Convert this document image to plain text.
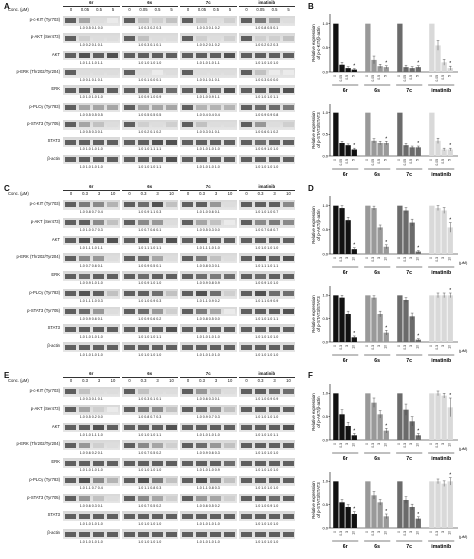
A	B
C	D
E	F
Conc. (μM)
6r
0	0.05	0.5	5
6s
0	0.05	0.5	5
7c
0	0.05	0.5	5
imatinib
0	0.05	0.5	5
p-c-KIT (Tyr703)
1.0 0.5 0.1 0.0	1.0 0.3 0.2 0.3	1.0 0.3 0.1 0.2	1.0 0.8 0.5 0.1
p-AKT (Ser473)
1.0 0.2 0.1 0.1	1.0 0.3 0.1 0.1	1.0 0.2 0.1 0.2	1.0 0.2 0.2 0.3
AKT
1.0 1.1 1.0 1.1	1.0 1.0 1.0 1.0	1.0 1.0 1.0 1.1	1.0 1.0 1.0 1.0
p-ERK (Thr202/Tyr204)
1.0 0.1 0.1 0.1	1.0 0.1 0.0 0.1	1.0 0.1 0.1 0.1	1.0 0.3 0.0 0.0
ERK
1.0 1.0 1.0 1.0	1.0 0.9 1.0 0.9	1.0 1.0 0.9 1.1	1.0 1.0 1.0 1.1
p-PLCγ (Tyr783)
1.0 0.5 0.5 0.5	1.0 0.5 0.5 0.5	1.0 0.4 0.4 0.4	1.0 0.9 0.9 0.8
p-STAT3 (Tyr705)
1.0 0.5 0.3 0.1	1.0 0.2 0.1 0.2	1.0 0.3 0.1 0.1	1.0 0.6 0.1 0.2
STAT3
1.0 1.0 1.0 1.0	1.0 1.0 1.1 1.1	1.0 1.0 1.0 1.0	1.0 0.9 1.0 1.0
β-actin
1.0 1.0 1.0 1.0	1.0 1.0 1.0 1.1	1.0 1.0 1.0 1.0	1.0 1.0 1.0 1.0
Conc. (μM)
6r
0	0.3	3	10
6s
0	0.3	3	10
7c
0	0.3	3	10
imatinib
0	0.3	3	10
p-c-KIT (Tyr703)
1.0 0.8 0.7 0.4	1.0 0.9 1.1 0.3	1.0 1.0 0.6 0.1	1.0 1.0 1.0 0.7
p-AKT (Ser473)
1.0 1.0 0.7 0.3	1.0 0.7 0.6 0.1	1.0 0.5 0.3 0.0	1.0 0.7 0.8 0.7
AKT
1.0 1.1 1.0 1.1	1.0 1.1 1.0 1.1	1.0 1.1 1.0 1.0	1.0 1.0 1.0 1.0
p-ERK (Thr202/Tyr204)
1.0 0.7 0.6 0.1	1.0 0.9 0.5 0.1	1.0 0.8 0.3 0.1	1.0 1.1 1.0 1.1
ERK
1.0 0.9 1.0 1.0	1.0 0.9 1.0 1.0	1.0 0.9 0.8 0.9	1.0 0.9 1.0 1.0
p-PLCγ (Tyr783)
1.0 1.1 1.0 0.3	1.0 1.0 0.9 0.3	1.0 1.1 0.9 0.2	1.0 1.1 0.9 0.9
p-STAT3 (Tyr705)
1.0 0.9 0.6 0.1	1.0 0.9 0.6 0.2	1.0 0.8 0.5 0.0	1.0 1.0 1.0 1.1
STAT3
1.0 1.0 1.0 1.0	1.0 1.0 1.0 1.1	1.0 1.0 1.0 1.0	1.0 1.0 1.0 1.0
β-actin
1.0 1.0 1.0 1.0	1.0 1.0 1.0 1.0	1.0 1.0 1.0 1.0	1.0 1.0 1.0 1.0
Conc. (μM)
6r
0	0.3	3	10
6s
0	0.3	3	10
7c
0	0.3	3	10
imatinib
0	0.3	3	10
p-c-KIT (Tyr703)
1.0 0.3 0.1 0.1	1.0 0.3 0.1 0.1	1.0 0.6 0.3 0.1	1.0 1.0 0.9 0.9
p-AKT (Ser473)
1.0 0.5 0.2 0.0	1.0 0.8 0.7 0.3	1.0 0.9 0.7 0.3	1.0 1.0 1.0 1.0
AKT
1.0 1.0 1.1 1.0	1.0 1.0 1.0 1.1	1.0 1.0 1.0 1.0	1.0 1.0 1.0 1.1
p-ERK (Thr202/Tyr204)
1.0 0.6 0.2 0.1	1.0 0.7 0.5 0.2	1.0 0.9 0.6 0.3	1.0 1.0 1.0 1.0
ERK
1.0 1.0 1.0 1.0	1.0 1.0 1.0 1.0	1.0 1.0 1.0 0.9	1.0 1.0 1.0 1.0
p-PLCγ (Tyr783)
1.0 1.1 0.7 0.4	1.0 1.1 0.8 0.3	1.0 1.1 0.8 0.3	1.0 1.0 1.0 1.0
p-STAT3 (Tyr705)
1.0 0.6 0.3 0.1	1.0 0.7 0.5 0.2	1.0 0.6 0.5 0.2	1.0 1.0 0.9 1.0
STAT3
1.0 1.0 1.0 1.0	1.0 1.0 1.0 1.0	1.0 1.0 1.0 1.0	1.0 1.0 1.0 1.0
β-actin
1.0 1.0 1.0 1.0	1.0 1.0 1.0 1.0	1.0 1.0 1.0 1.0	1.0 1.0 1.0 1.0
Relative expression of p-c-KIT/β-actin
0.0
0.5
1.0
0 0.05 0.5
*
5
6r
0 0.05 0.5
*
5
6s
0 0.05 0.5
*
5
7c
0 0.05 0.5
*
5
imatinib
Relative expression of p-STAT3/STAT3
0.0
0.5
1.0
0 0.05 0.5
*
5
6r
0 0.05 0.5
*
5
6s
0 0.05 0.5
*
5
7c
0 0.05 0.5
*
5
imatinib
Relative expression of p-AKT/β-actin
0.0
0.5
1.0
0 0.3 3
*
10
6r
0 0.3 3
*
10
6s
0 0.3 3
*
10
7c
0 0.3 3
*
10
imatinib
(μM)
Relative expression of p-STAT3/STAT3
0.0
0.5
1.0
0 0.3 3
*
10
6r
0 0.3 3
*
10
6s
0 0.3 3
*
10
7c
0 0.3 3
*
10
imatinib
(μM)
Relative expression of p-AKT/β-actin
0.0
0.5
1.0
0 0.3 3
*
10
6r
0 0.3 3
*
10
6s
0 0.3 3
*
10
7c
0 0.3 3
*
10
imatinib
(μM)
Relative expression of p-STAT3/STAT3
0.0
0.5
1.0
0 0.3 3
*
10
6r
0 0.3 3
*
10
6s
0 0.3 3
*
10
7c
0 0.3 3
*
10
imatinib
(μM)
